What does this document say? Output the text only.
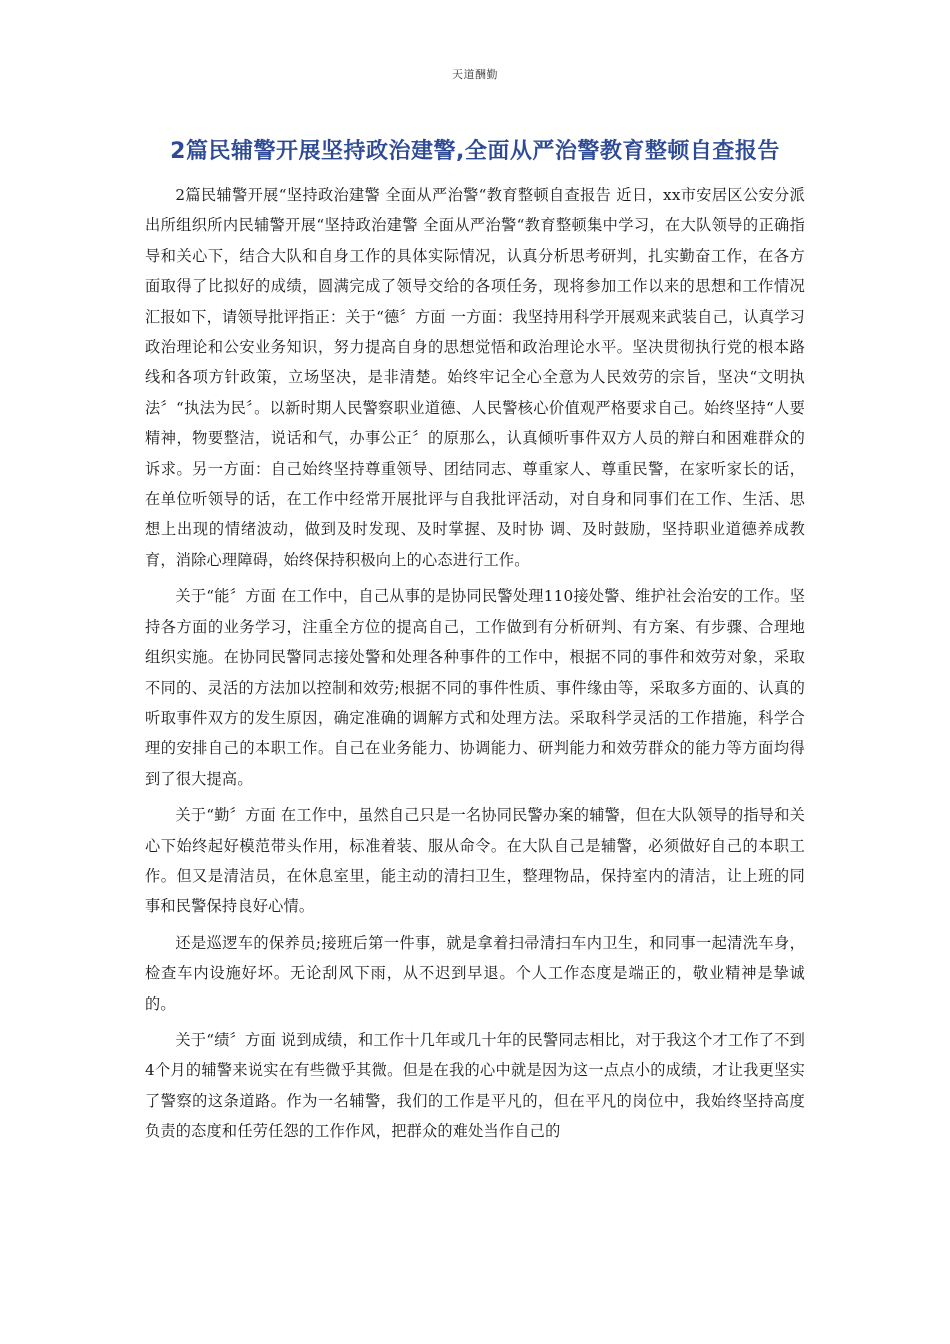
天道酬勤
2篇民辅警开展坚持政治建警,全面从严治警教育整顿自查报告

2篇民辅警开展“坚持政治建警 全面从严治警“教育整顿自查报告 近日，xx市安居区公安分派出所组织所内民辅警开展“坚持政治建警 全面从严治警“教育整顿集中学习，在大队领导的正确指导和关心下，结合大队和自身工作的具体实际情况，认真分析思考研判，扎实勤奋工作，在各方面取得了比拟好的成绩，圆满完成了领导交给的各项任务，现将参加工作以来的思想和工作情况汇报如下，请领导批评指正：关于“德〞方面 一方面：我坚持用科学开展观来武装自己，认真学习政治理论和公安业务知识，努力提高自身的思想觉悟和政治理论水平。坚决贯彻执行党的根本路线和各项方针政策，立场坚决，是非清楚。始终牢记全心全意为人民效劳的宗旨，坚决“文明执法〞“执法为民〞。以新时期人民警察职业道德、人民警核心价值观严格要求自己。始终坚持“人要精神，物要整洁，说话和气，办事公正〞的原那么，认真倾听事件双方人员的辩白和困难群众的诉求。另一方面：自己始终坚持尊重领导、团结同志、尊重家人、尊重民警，在家听家长的话，在单位听领导的话，在工作中经常开展批评与自我批评活动，对自身和同事们在工作、生活、思想上出现的情绪波动，做到及时发现、及时掌握、及时协 调、及时鼓励，坚持职业道德养成教育，消除心理障碍，始终保持积极向上的心态进行工作。

关于“能〞方面 在工作中，自己从事的是协同民警处理110接处警、维护社会治安的工作。坚持各方面的业务学习，注重全方位的提高自己，工作做到有分析研判、有方案、有步骤、合理地组织实施。在协同民警同志接处警和处理各种事件的工作中，根据不同的事件和效劳对象，采取不同的、灵活的方法加以控制和效劳;根据不同的事件性质、事件缘由等，采取多方面的、认真的听取事件双方的发生原因，确定准确的调解方式和处理方法。采取科学灵活的工作措施，科学合理的安排自己的本职工作。自己在业务能力、协调能力、研判能力和效劳群众的能力等方面均得到了很大提高。

关于“勤〞方面 在工作中，虽然自己只是一名协同民警办案的辅警，但在大队领导的指导和关心下始终起好模范带头作用，标准着装、服从命令。在大队自己是辅警，必须做好自己的本职工作。但又是清洁员，在休息室里，能主动的清扫卫生，整理物品，保持室内的清洁，让上班的同事和民警保持良好心情。

还是巡逻车的保养员;接班后第一件事，就是拿着扫帚清扫车内卫生，和同事一起清洗车身，检查车内设施好坏。无论刮风下雨，从不迟到早退。个人工作态度是端正的，敬业精神是挚诚的。

关于“绩〞方面 说到成绩，和工作十几年或几十年的民警同志相比，对于我这个才工作了不到4个月的辅警来说实在有些微乎其微。但是在我的心中就是因为这一点点小的成绩，才让我更坚实了警察的这条道路。作为一名辅警，我们的工作是平凡的，但在平凡的岗位中，我始终坚持高度负责的态度和任劳任怨的工作作风，把群众的难处当作自己的
